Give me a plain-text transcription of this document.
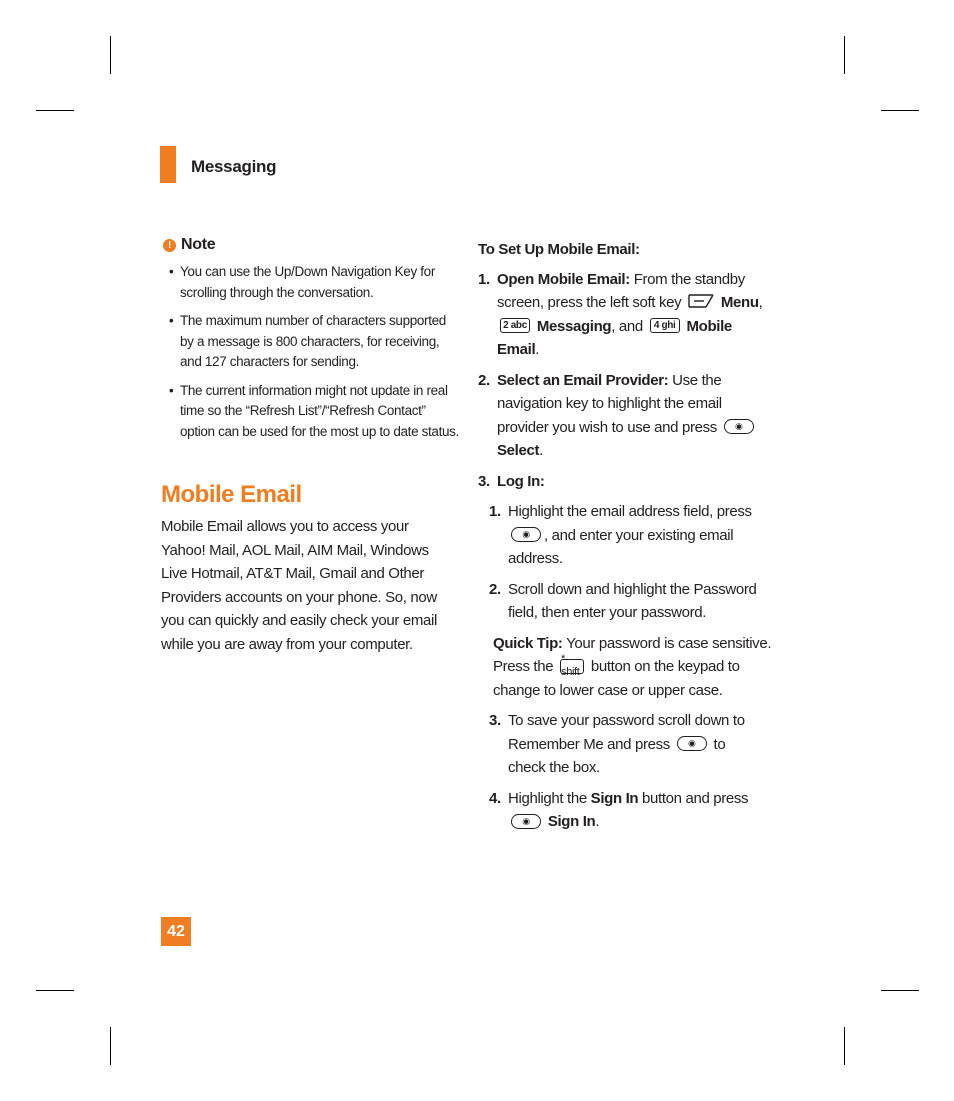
Messaging
! Note
• You can use the Up/Down Navigation Key for scrolling through the conversation.
• The maximum number of characters supported by a message is 800 characters, for receiving, and 127 characters for sending.
• The current information might not update in real time so the “Refresh List”/“Refresh Contact” option can be used for the most up to date status.
Mobile Email
Mobile Email allows you to access your Yahoo! Mail, AOL Mail, AIM Mail, Windows Live Hotmail, AT&T Mail, Gmail and Other Providers accounts on your phone. So, now you can quickly and easily check your email while you are away from your computer.
To Set Up Mobile Email:
1. Open Mobile Email: From the standby screen, press the left soft key	Menu, 2 abc Messaging, and 4 ghi Mobile Email.
2. Select an Email Provider: Use the navigation key to highlight the email provider you wish to use and press ◉ Select.
3. Log In:
1. Highlight the email address field, press ◉ , and enter your existing email address.
2. Scroll down and highlight the Password field, then enter your password.
Quick Tip: Your password is case sensitive. Press the * shift button on the keypad to change to lower case or upper case.
3. To save your password scroll down to Remember Me and press ◉ to check the box.
4. Highlight the Sign In button and press ◉ Sign In.
42
